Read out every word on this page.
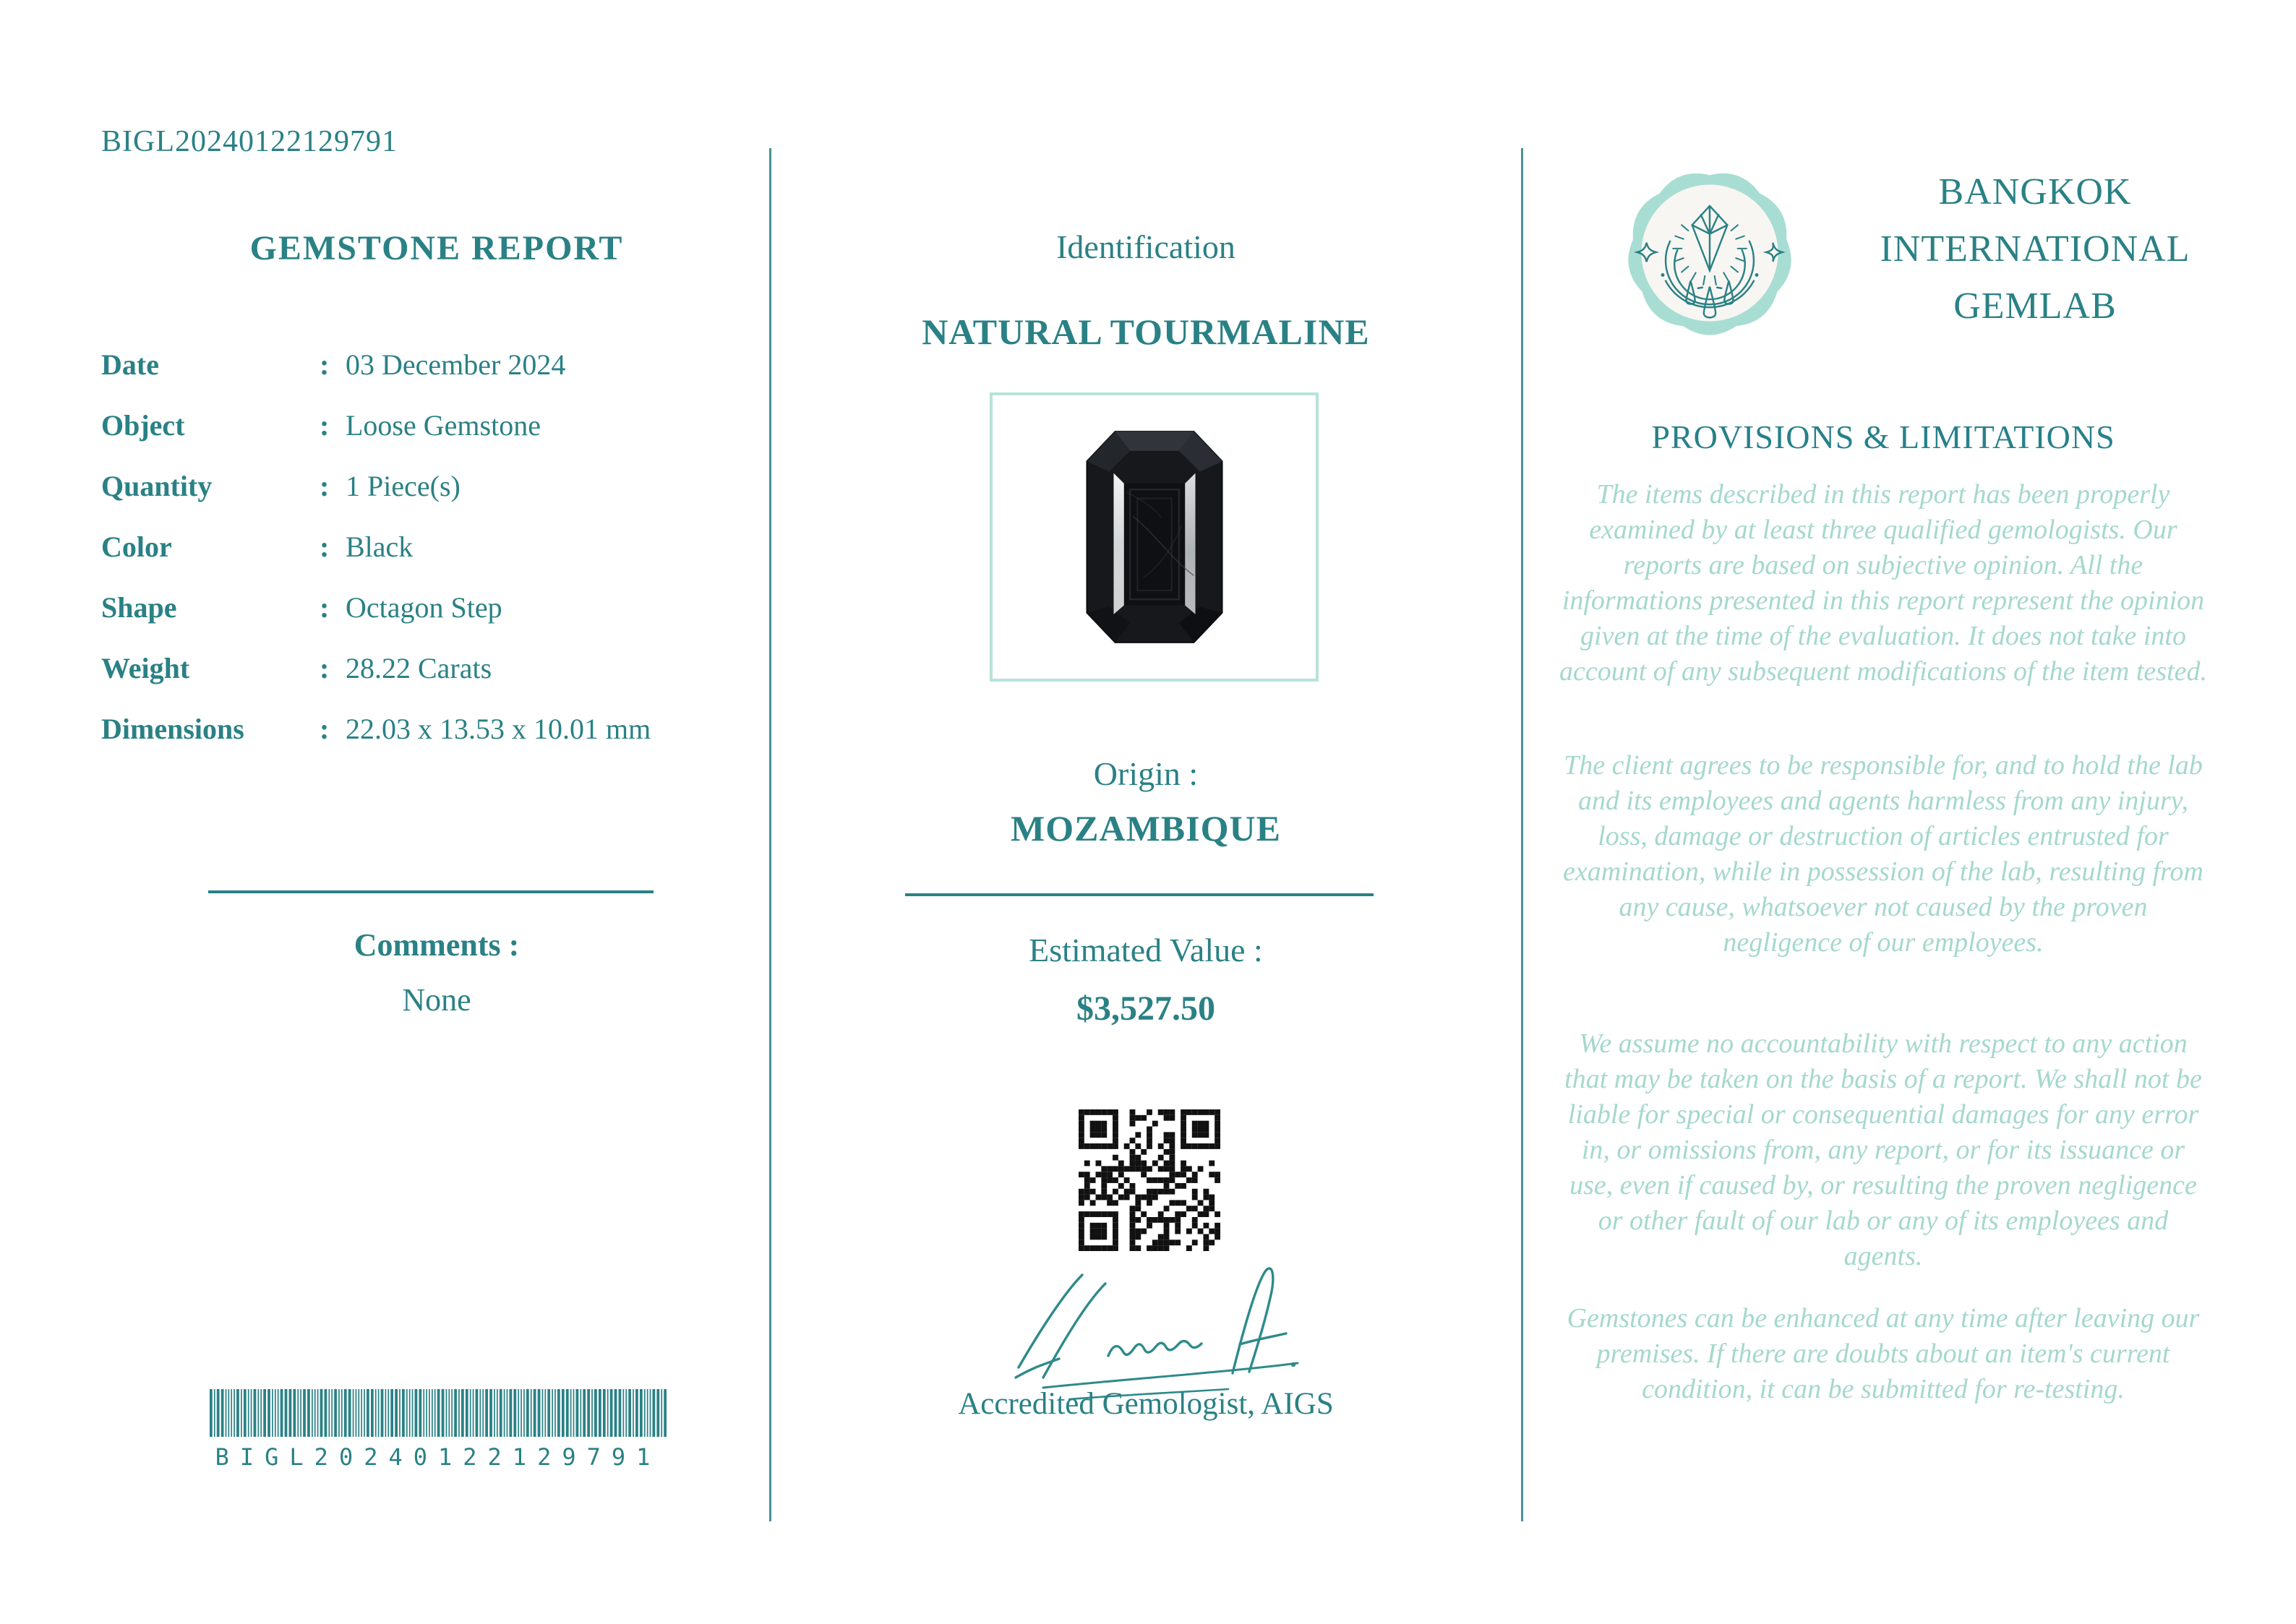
BIGL20240122129791
GEMSTONE REPORT
Date	: 03 December 2024
Object	: Loose Gemstone
Quantity	: 1 Piece(s)
Color	: Black
Shape	: Octagon Step
Weight	: 28.22 Carats
Dimensions	: 22.03 x 13.53 x 10.01 mm
Comments :
None
BIGL20240122129791
Identification
NATURAL TOURMALINE
Origin :
MOZAMBIQUE
Estimated Value :
$3,527.50
Accredited Gemologist, AIGS
BANGKOK
INTERNATIONAL
GEMLAB
PROVISIONS & LIMITATIONS
The items described in this report has been properly examined by at least three qualified gemologists. Our reports are based on subjective opinion. All the informations presented in this report represent the opinion given at the time of the evaluation. It does not take into account of any subsequent modifications of the item tested.
The client agrees to be responsible for, and to hold the lab and its employees and agents harmless from any injury, loss, damage or destruction of articles entrusted for examination, while in possession of the lab, resulting from any cause, whatsoever not caused by the proven negligence of our employees.
We assume no accountability with respect to any action that may be taken on the basis of a report. We shall not be liable for special or consequential damages for any error in, or omissions from, any report, or for its issuance or use, even if caused by, or resulting the proven negligence or other fault of our lab or any of its employees and agents.
Gemstones can be enhanced at any time after leaving our premises. If there are doubts about an item's current condition, it can be submitted for re-testing.
